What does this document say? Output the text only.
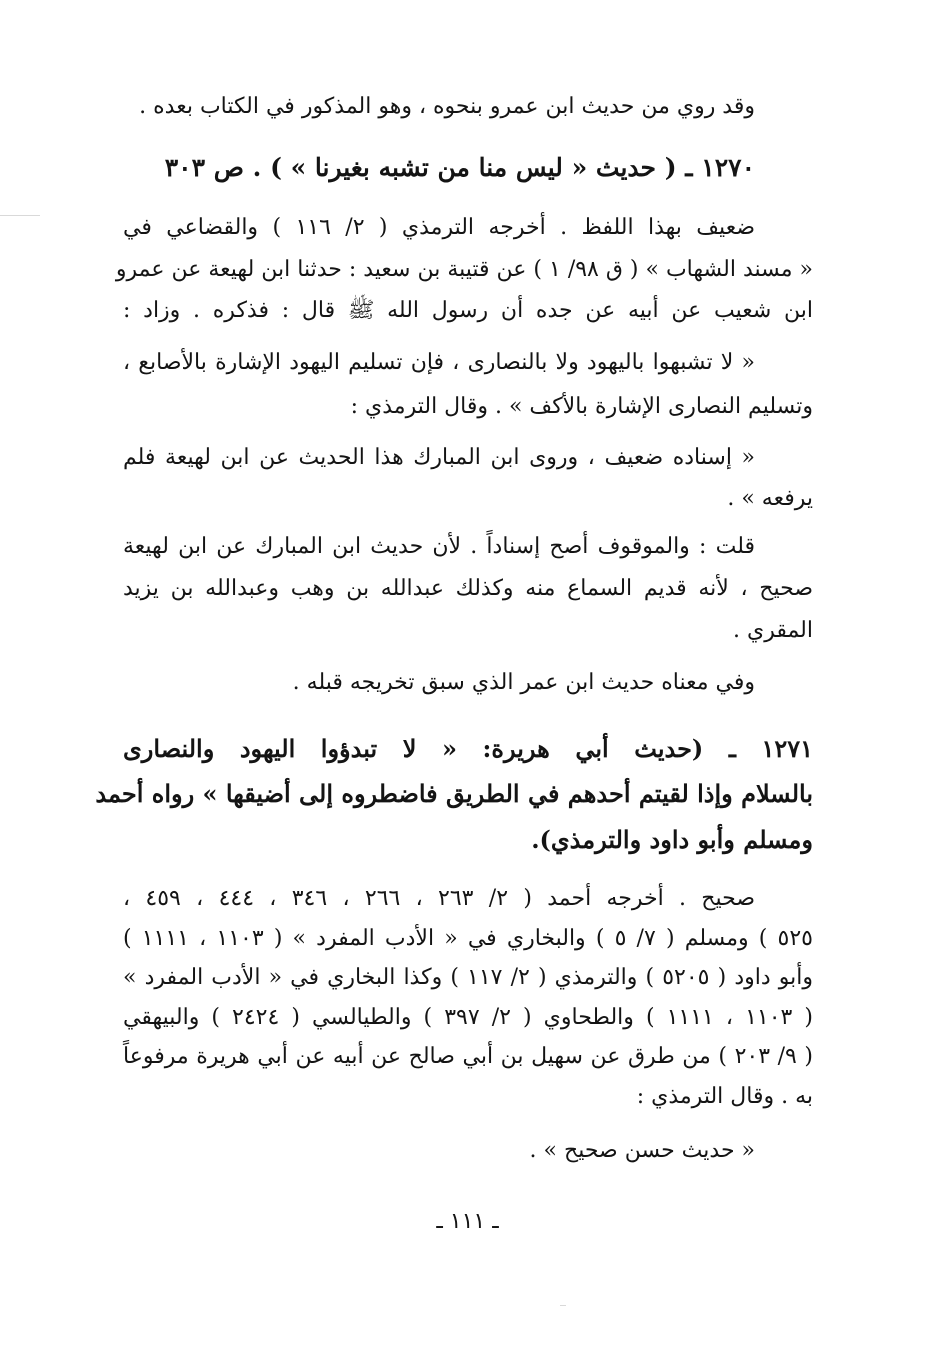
وقد روي من حديث ابن عمرو بنحوه ، وهو المذكور في الكتاب بعده .
١٢٧٠ ـ ( حديث « ليس منا من تشبه بغيرنا » ) . ص ٣٠٣
ضعيف بهذا اللفظ . أخرجه الترمذي ( ٢/ ١١٦ ) والقضاعي في
« مسند الشهاب » ( ق ٩٨/ ١ ) عن قتيبة بن سعيد : حدثنا ابن لهيعة عن عمرو
ابن شعيب عن أبيه عن جده أن رسول الله ﷺ قال : فذكره . وزاد :
« لا تشبهوا باليهود ولا بالنصارى ، فإن تسليم اليهود الإشارة بالأصابع ،
وتسليم النصارى الإشارة بالأكف » . وقال الترمذي :
« إسناده ضعيف ، وروى ابن المبارك هذا الحديث عن ابن لهيعة فلم
يرفعه » .
قلت : والموقوف أصح إسناداً . لأن حديث ابن المبارك عن ابن لهيعة
صحيح ، لأنه قديم السماع منه وكذلك عبدالله بن وهب وعبدالله بن يزيد
المقري .
وفي معناه حديث ابن عمر الذي سبق تخريجه قبله .
١٢٧١ ـ (حديث أبي هريرة: « لا تبدؤوا اليهود والنصارى
بالسلام وإذا لقيتم أحدهم في الطريق فاضطروه إلى أضيقها » رواه أحمد
ومسلم وأبو داود والترمذي).
صحيح . أخرجه أحمد ( ٢/ ٢٦٣ ، ٢٦٦ ، ٣٤٦ ، ٤٤٤ ، ٤٥٩ ،
٥٢٥ ) ومسلم ( ٧/ ٥ ) والبخاري في « الأدب المفرد » ( ١١٠٣ ، ١١١١ )
وأبو داود ( ٥٢٠٥ ) والترمذي ( ٢/ ١١٧ ) وكذا البخاري في « الأدب المفرد »
( ١١٠٣ ، ١١١١ ) والطحاوي ( ٢/ ٣٩٧ ) والطيالسي ( ٢٤٢٤ ) والبيهقي
( ٩/ ٢٠٣ ) من طرق عن سهيل بن أبي صالح عن أبيه عن أبي هريرة مرفوعاً
به . وقال الترمذي :
« حديث حسن صحيح » .
ـ ١١١ ـ
